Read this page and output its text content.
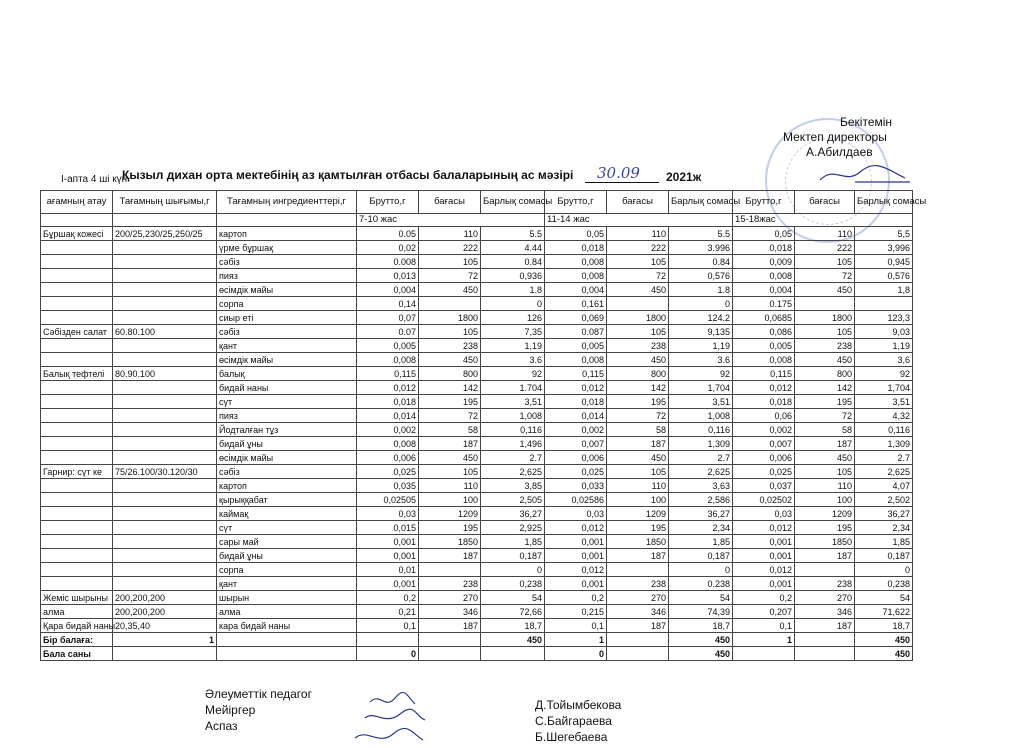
Бекітемін
Мектеп директоры
А.Абилдаев
Қызыл дихан орта мектебінің аз қамтылған отбасы балаларының ас мәзірі 30.09 2021ж
I-апта 4 ші күн
ағамның атау	Тағамның шығымы,г	Тағамның ингредиенттері,г	Брутто,г	бағасы	Барлық сомасы	Брутто,г	бағасы	Барлық сомасы	Брутто,г	бағасы	Барлық сомасы
			7-10 жас			11-14 жас			15-18жас		
Бұршақ кожесі	200/25,230/25,250/25	картоп	0.05	110	5.5	0,05	110	5.5	0,05	110	5,5
		үрме бұршақ	0,02	222	4.44	0,018	222	3.996	0,018	222	3,996
		сәбіз	0.008	105	0.84	0,008	105	0.84	0,009	105	0,945
		пияз	0,013	72	0,936	0,008	72	0,576	0,008	72	0,576
		өсімдік майы	0,004	450	1.8	0,004	450	1.8	0,004	450	1,8
		сорпа	0,14		0	0,161		0	0.175		
		сиыр еті	0,07	1800	126	0,069	1800	124.2	0,0685	1800	123,3
Сәбізден салат	60.80.100	сәбіз	0.07	105	7,35	0.087	105	9,135	0,086	105	9,03
		қант	0,005	238	1,19	0,005	238	1,19	0,005	238	1,19
		өсімдік майы	0,008	450	3.6	0,008	450	3.6	0,008	450	3,6
Балық тефтелі	80.90.100	балық	0,115	800	92	0,115	800	92	0,115	800	92
		бидай наны	0,012	142	1.704	0,012	142	1,704	0,012	142	1,704
		сүт	0,018	195	3,51	0,018	195	3,51	0,018	195	3,51
		пияз	0,014	72	1,008	0,014	72	1,008	0,06	72	4,32
		Йодталған тұз	0,002	58	0,116	0,002	58	0,116	0,002	58	0,116
		бидай ұны	0,008	187	1,496	0,007	187	1,309	0,007	187	1,309
		өсімдік майы	0,006	450	2.7	0,006	450	2.7	0,006	450	2.7
Гарнир: сүт ке	75/26.100/30.120/30	сәбіз	0,025	105	2,625	0,025	105	2,625	0,025	105	2,625
		картоп	0,035	110	3,85	0,033	110	3,63	0,037	110	4,07
		қырыққабат	0,02505	100	2,505	0,02586	100	2,586	0,02502	100	2,502
		каймақ	0,03	1209	36,27	0,03	1209	36,27	0,03	1209	36,27
		сүт	0,015	195	2,925	0,012	195	2,34	0,012	195	2,34
		сары май	0,001	1850	1,85	0,001	1850	1,85	0,001	1850	1,85
		бидай ұны	0,001	187	0,187	0,001	187	0,187	0,001	187	0,187
		сорпа	0,01		0	0,012		0	0,012		0
		қант	0,001	238	0,238	0,001	238	0.238	0,001	238	0,238
Жеміс шырыны	200,200,200	шырын	0,2	270	54	0,2	270	54	0,2	270	54
алма	200,200,200	алма	0,21	346	72,66	0,215	346	74,39	0,207	346	71,622
Қара бидай наны	20,35,40	кара бидай наны	0,1	187	18,7	0,1	187	18,7	0,1	187	18,7
Бір балаға:	1				450	1		450	1		450
Бала саны			0			0		450			450
Әлеуметтік педагог
Мейіргер
Аспаз
Д.Тойымбекова
С.Байгараева
Б.Шегебаева
